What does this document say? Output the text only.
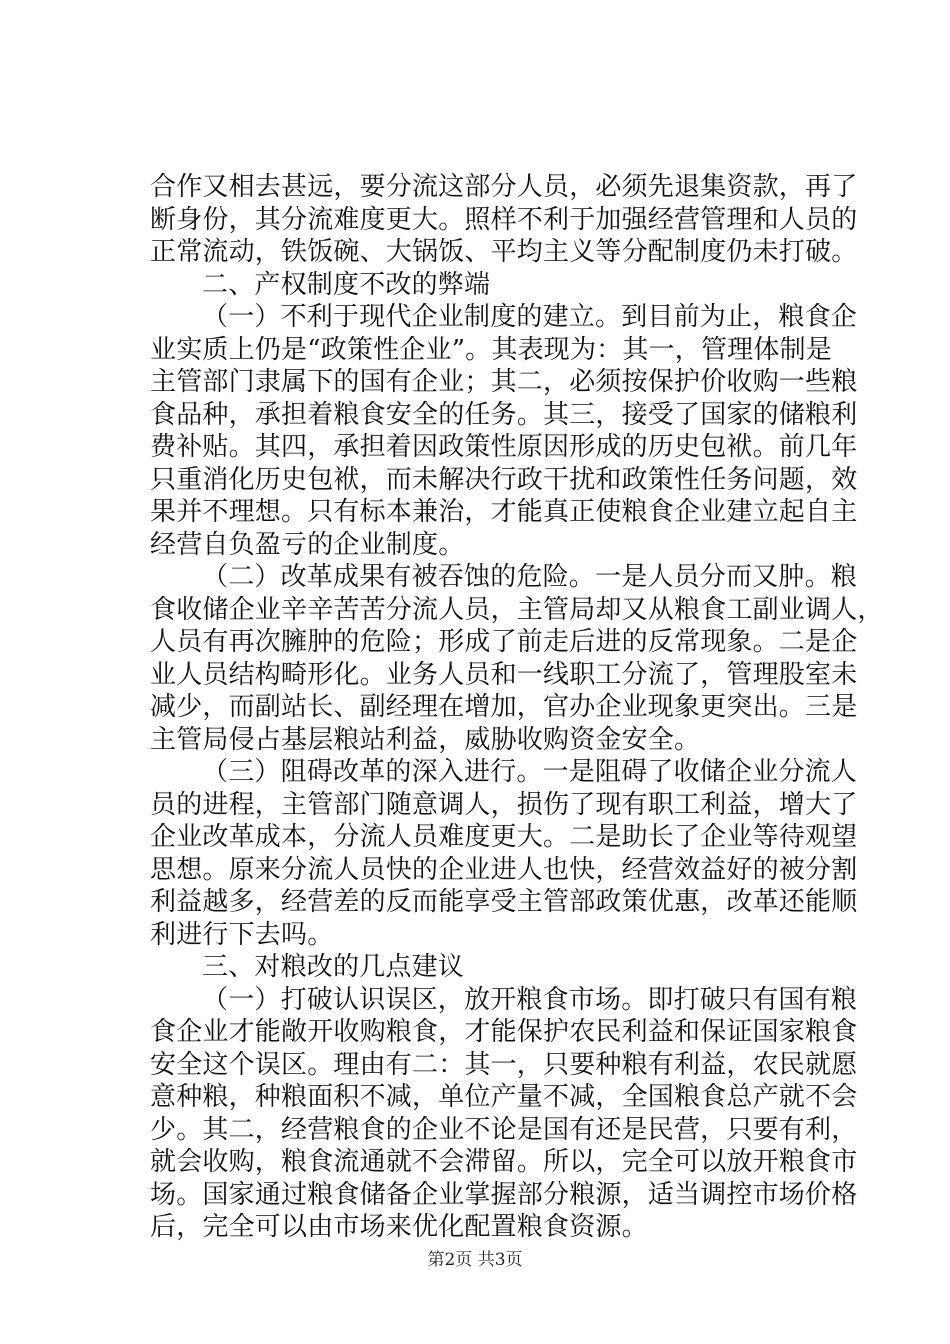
合作又相去甚远，要分流这部分人员，必须先退集资款，再了
断身份，其分流难度更大。照样不利于加强经营管理和人员的
正常流动，铁饭碗、大锅饭、平均主义等分配制度仍未打破。
二、产权制度不改的弊端
（一）不利于现代企业制度的建立。到目前为止，粮食企
业实质上仍是“政策性企业”。其表现为：其一，管理体制是
主管部门隶属下的国有企业；其二，必须按保护价收购一些粮
食品种，承担着粮食安全的任务。其三，接受了国家的储粮利
费补贴。其四，承担着因政策性原因形成的历史包袱。前几年
只重消化历史包袱，而未解决行政干扰和政策性任务问题，效
果并不理想。只有标本兼治，才能真正使粮食企业建立起自主
经营自负盈亏的企业制度。
（二）改革成果有被吞蚀的危险。一是人员分而又肿。粮
食收储企业辛辛苦苦分流人员，主管局却又从粮食工副业调人，
人员有再次臃肿的危险；形成了前走后进的反常现象。二是企
业人员结构畸形化。业务人员和一线职工分流了，管理股室未
减少，而副站长、副经理在增加，官办企业现象更突出。三是
主管局侵占基层粮站利益，威胁收购资金安全。
（三）阻碍改革的深入进行。一是阻碍了收储企业分流人
员的进程，主管部门随意调人，损伤了现有职工利益，增大了
企业改革成本，分流人员难度更大。二是助长了企业等待观望
思想。原来分流人员快的企业进人也快，经营效益好的被分割
利益越多，经营差的反而能享受主管部政策优惠，改革还能顺
利进行下去吗。
三、对粮改的几点建议
（一）打破认识误区，放开粮食市场。即打破只有国有粮
食企业才能敞开收购粮食，才能保护农民利益和保证国家粮食
安全这个误区。理由有二：其一，只要种粮有利益，农民就愿
意种粮，种粮面积不减，单位产量不减，全国粮食总产就不会
少。其二，经营粮食的企业不论是国有还是民营，只要有利，
就会收购，粮食流通就不会滞留。所以，完全可以放开粮食市
场。国家通过粮食储备企业掌握部分粮源，适当调控市场价格
后，完全可以由市场来优化配置粮食资源。
第2页 共3页
